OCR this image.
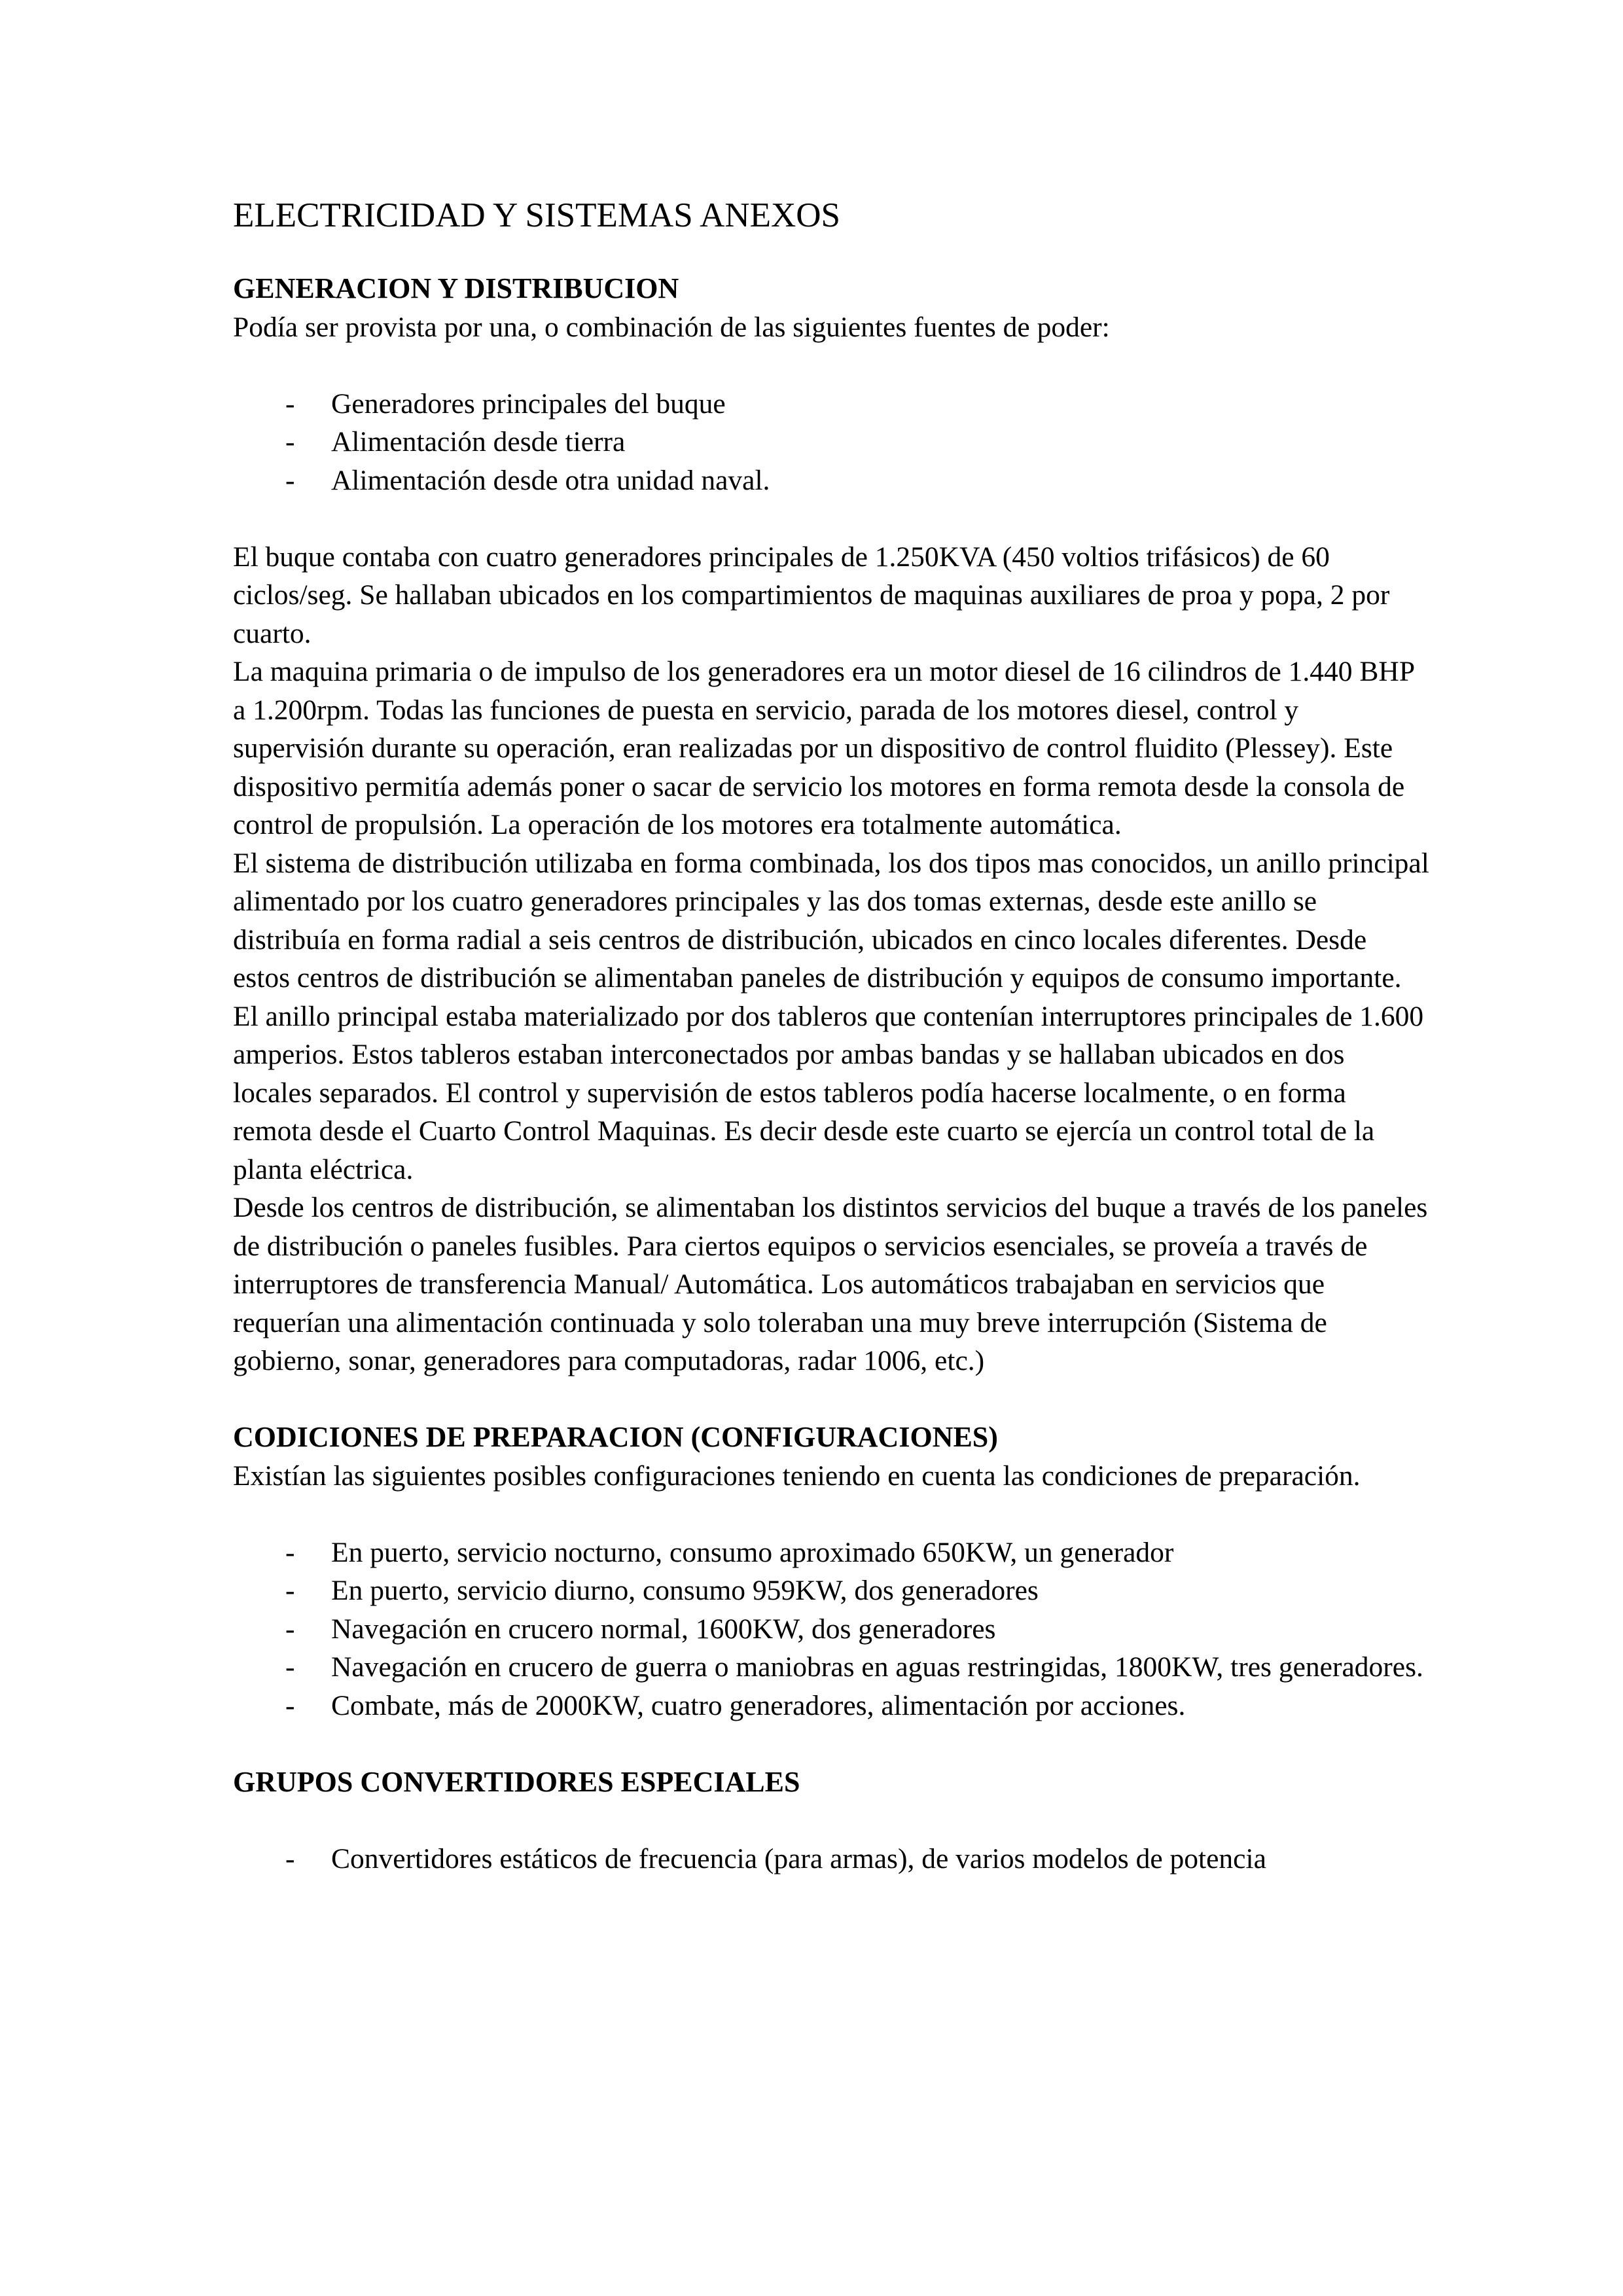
ELECTRICIDAD Y SISTEMAS ANEXOS
GENERACION Y DISTRIBUCION

Podía ser provista por una, o combinación de las siguientes fuentes de poder:

- Generadores principales del buque
- Alimentación desde tierra
- Alimentación desde otra unidad naval.

El buque contaba con cuatro generadores principales de 1.250KVA (450 voltios trifásicos) de 60 ciclos/seg. Se hallaban ubicados en los compartimientos de maquinas auxiliares de proa y popa, 2 por cuarto.

La maquina primaria o de impulso de los generadores era un motor diesel de 16 cilindros de 1.440 BHP a 1.200rpm. Todas las funciones de puesta en servicio, parada de los motores diesel, control y supervisión durante su operación, eran realizadas por un dispositivo de control fluidito (Plessey). Este dispositivo permitía además poner o sacar de servicio los motores en forma remota desde la consola de control de propulsión. La operación de los motores era totalmente automática.

El sistema de distribución utilizaba en forma combinada, los dos tipos mas conocidos, un anillo principal alimentado por los cuatro generadores principales y las dos tomas externas, desde este anillo se distribuía en forma radial a seis centros de distribución, ubicados en cinco locales diferentes. Desde estos centros de distribución se alimentaban paneles de distribución y equipos de consumo importante.

El anillo principal estaba materializado por dos tableros que contenían interruptores principales de 1.600 amperios. Estos tableros estaban interconectados por ambas bandas y se hallaban ubicados en dos locales separados. El control y supervisión de estos tableros podía hacerse localmente, o en forma remota desde el Cuarto Control Maquinas. Es decir desde este cuarto se ejercía un control total de la planta eléctrica.

Desde los centros de distribución, se alimentaban los distintos servicios del buque a través de los paneles de distribución o paneles fusibles. Para ciertos equipos o servicios esenciales, se proveía a través de interruptores de transferencia Manual/ Automática. Los automáticos trabajaban en servicios que requerían una alimentación continuada y solo toleraban una muy breve interrupción (Sistema de gobierno, sonar, generadores para computadoras, radar 1006, etc.)

CODICIONES DE PREPARACION (CONFIGURACIONES)

Existían las siguientes posibles configuraciones teniendo en cuenta las condiciones de preparación.

- En puerto, servicio nocturno, consumo aproximado 650KW, un generador
- En puerto, servicio diurno, consumo 959KW, dos generadores
- Navegación en crucero normal, 1600KW, dos generadores
- Navegación en crucero de guerra o maniobras en aguas restringidas, 1800KW, tres generadores.
- Combate, más de 2000KW, cuatro generadores, alimentación por acciones.
GRUPOS CONVERTIDORES ESPECIALES
- Convertidores estáticos de frecuencia (para armas), de varios modelos de potencia
